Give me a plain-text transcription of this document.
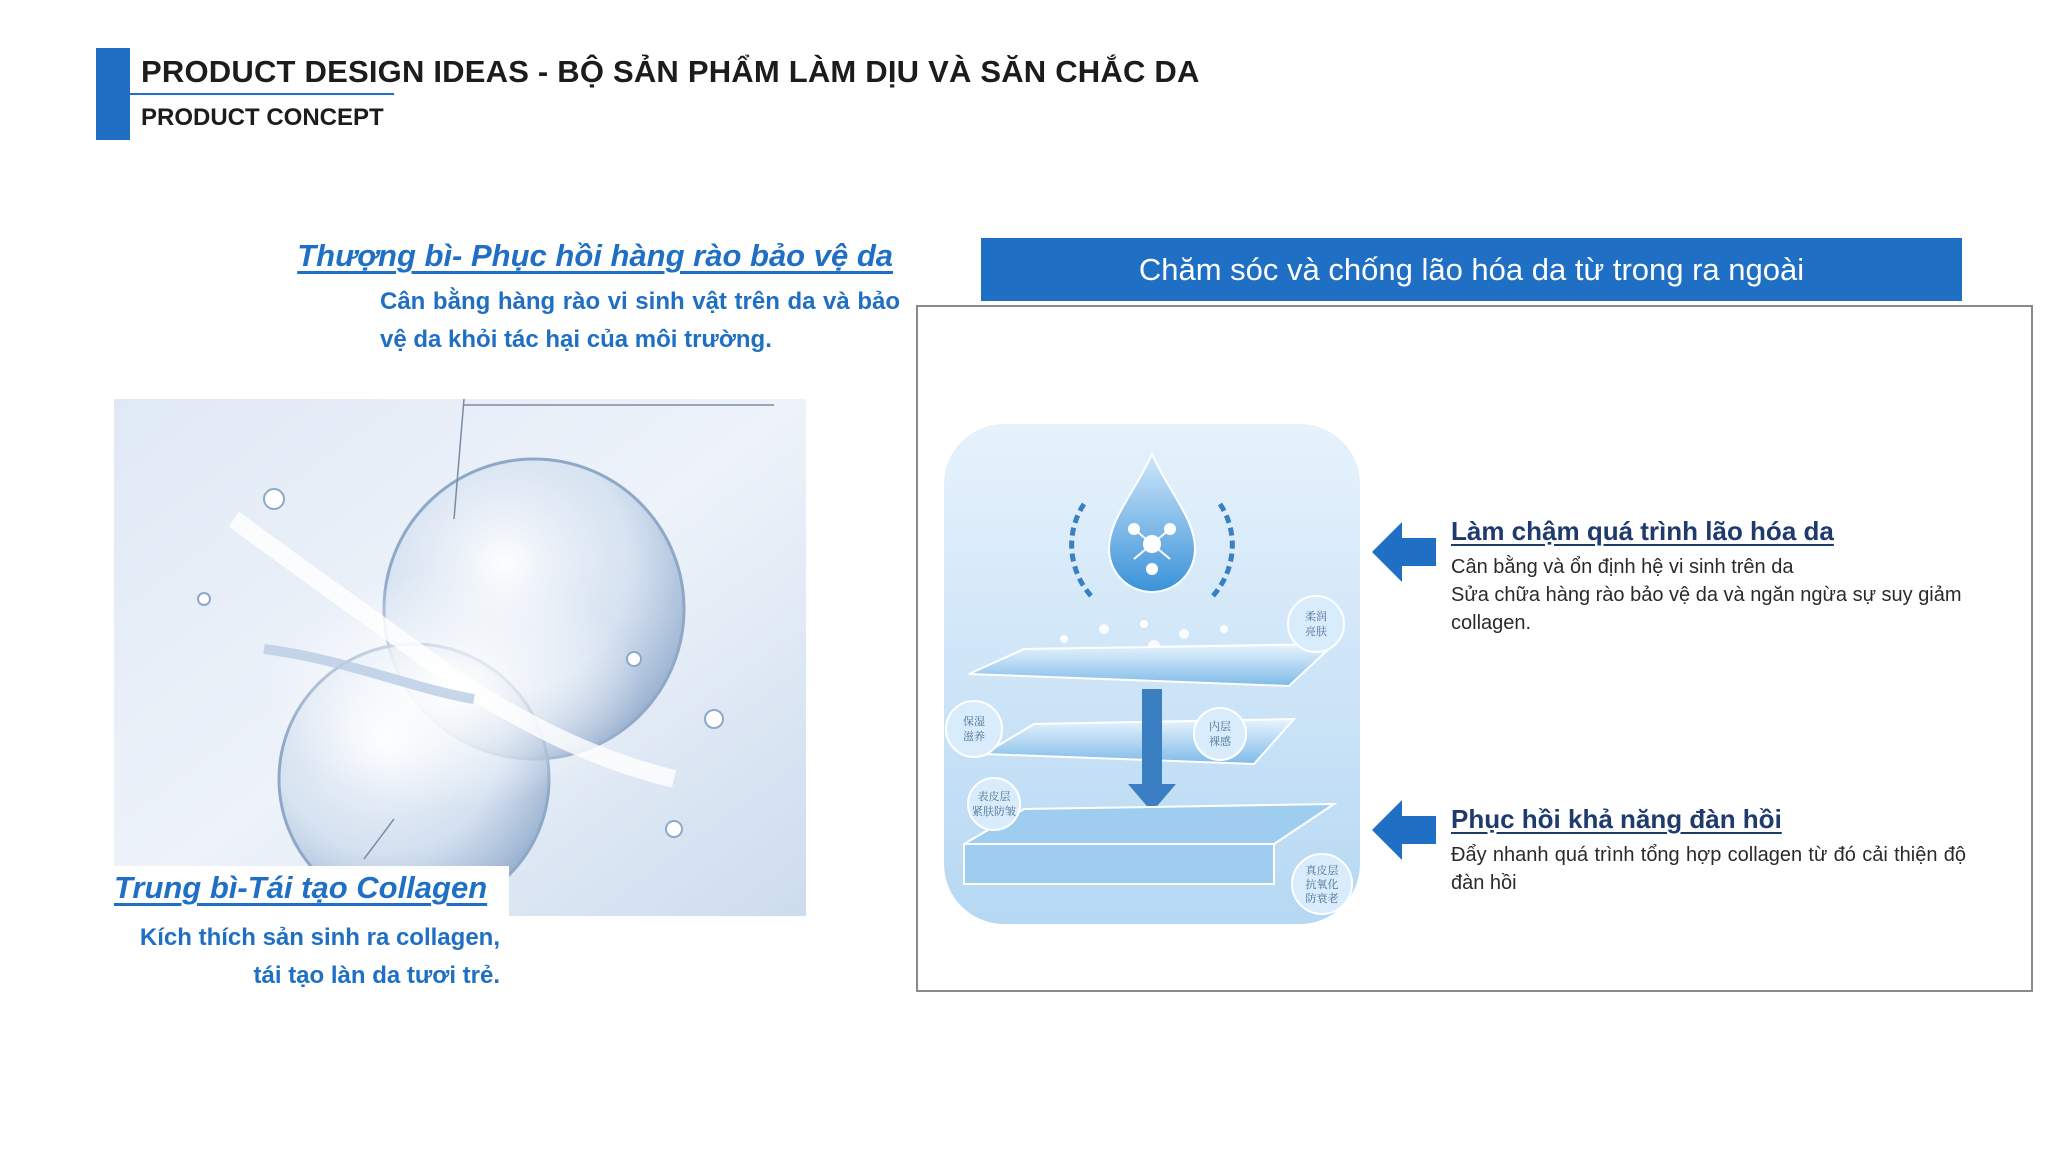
PRODUCT DESIGN IDEAS - BỘ SẢN PHẨM LÀM DỊU VÀ SĂN CHẮC DA
PRODUCT CONCEPT
Thượng bì- Phục hồi hàng rào bảo vệ da
Cân bằng hàng rào vi sinh vật trên da và bảo vệ da khỏi tác hại của môi trường.
Trung bì-Tái tạo Collagen
Kích thích sản sinh ra collagen,
tái tạo làn da tươi trẻ.
Chăm sóc và chống lão hóa da từ trong ra ngoài
柔润
亮肤
保湿
滋养
内层
裸感
表皮层
紧肤防皱
真皮层
抗氧化
防衰老
Làm chậm quá trình lão hóa da
Cân bằng và ổn định hệ vi sinh trên da
Sửa chữa hàng rào bảo vệ da và ngăn ngừa sự suy giảm collagen.
Phục hồi khả năng đàn hồi
Đẩy nhanh quá trình tổng hợp collagen từ đó cải thiện độ đàn hồi
